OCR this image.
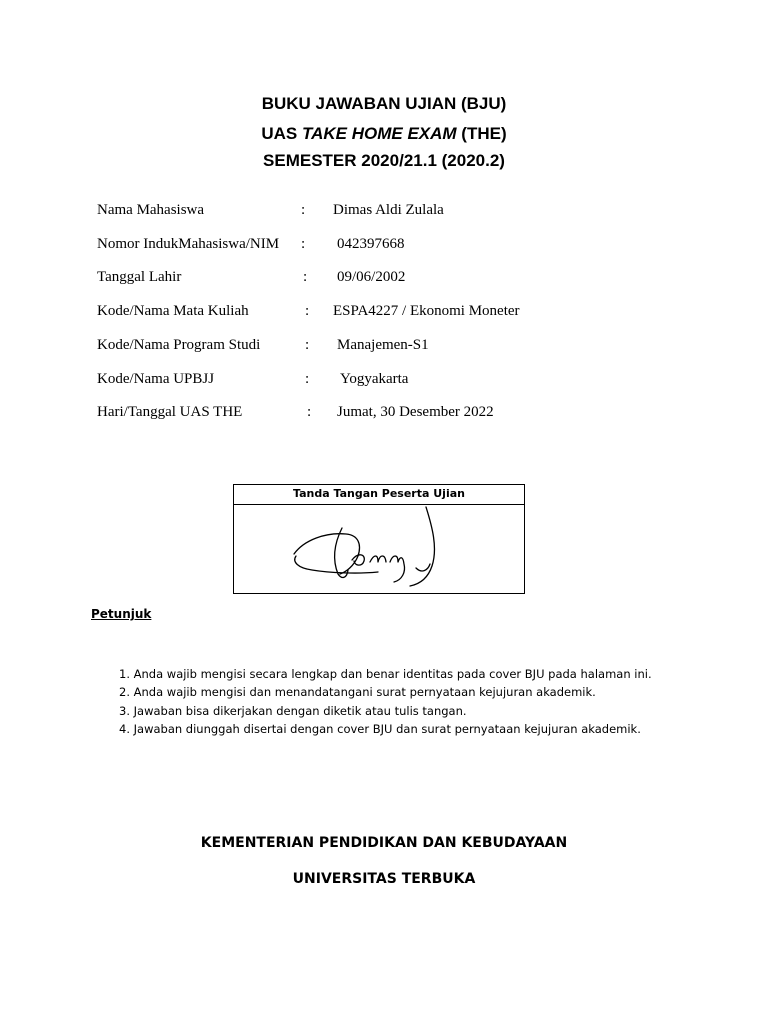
BUKU JAWABAN UJIAN (BJU)
UAS TAKE HOME EXAM (THE)
SEMESTER 2020/21.1 (2020.2)
Nama Mahasiswa	: Dimas Aldi Zulala
Nomor IndukMahasiswa/NIM : 042397668
Tanggal Lahir	: 09/06/2002
Kode/Nama Mata Kuliah	: ESPA4227 / Ekonomi Moneter
Kode/Nama Program Studi	: Manajemen-S1
Kode/Nama UPBJJ	: Yogyakarta
Hari/Tanggal UAS THE	: Jumat, 30 Desember 2022
Tanda Tangan Peserta Ujian
Petunjuk
1. Anda wajib mengisi secara lengkap dan benar identitas pada cover BJU pada halaman ini.
2. Anda wajib mengisi dan menandatangani surat pernyataan kejujuran akademik.
3. Jawaban bisa dikerjakan dengan diketik atau tulis tangan.
4. Jawaban diunggah disertai dengan cover BJU dan surat pernyataan kejujuran akademik.
KEMENTERIAN PENDIDIKAN DAN KEBUDAYAAN
UNIVERSITAS TERBUKA
